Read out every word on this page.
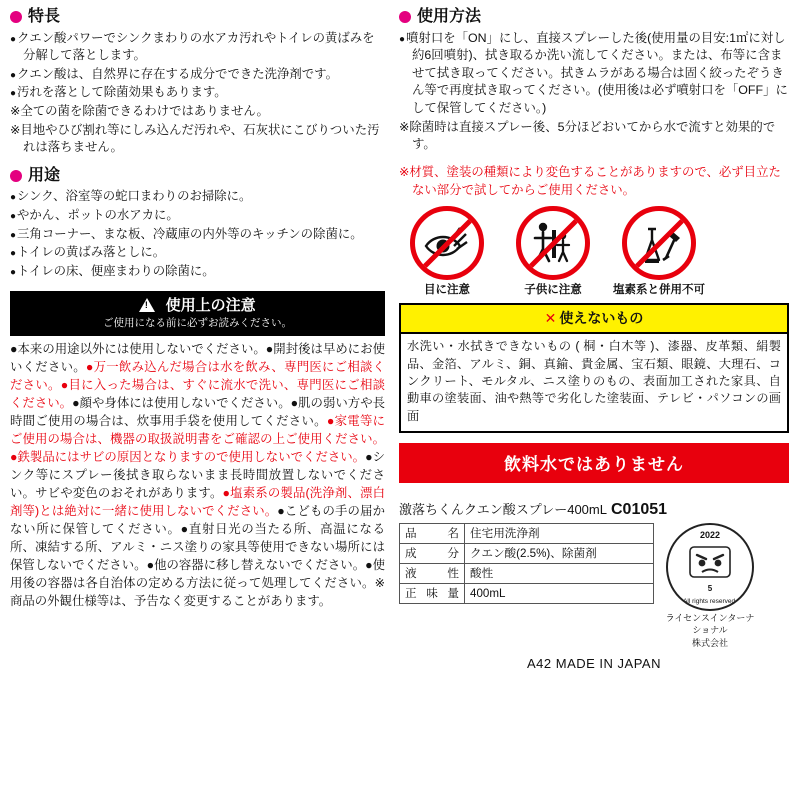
特長
● クエン酸パワーでシンクまわりの水アカ汚れやトイレの黄ばみを分解して落とします。
● クエン酸は、自然界に存在する成分でできた洗浄剤です。
● 汚れを落として除菌効果もあります。
※ 全ての菌を除菌できるわけではありません。
※ 目地やひび割れ等にしみ込んだ汚れや、石灰状にこびりついた汚れは落ちません。
用途
● シンク、浴室等の蛇口まわりのお掃除に。
● やかん、ポットの水アカに。
● 三角コーナー、まな板、冷蔵庫の内外等のキッチンの除菌に。
● トイレの黄ばみ落としに。
● トイレの床、便座まわりの除菌に。
! 使用上の注意
ご使用になる前に必ずお読みください。
●本来の用途以外には使用しないでください。●開封後は早めにお使いください。●万一飲み込んだ場合は水を飲み、専門医にご相談ください。●目に入った場合は、すぐに流水で洗い、専門医にご相談ください。●顔や身体には使用しないでください。●肌の弱い方や長時間ご使用の場合は、炊事用手袋を使用してください。●家電等にご使用の場合は、機器の取扱説明書をご確認の上ご使用ください。●鉄製品にはサビの原因となりますので使用しないでください。●シンク等にスプレー後拭き取らないまま長時間放置しないでください。サビや変色のおそれがあります。●塩素系の製品(洗浄剤、漂白剤等)とは絶対に一緒に使用しないでください。●こどもの手の届かない所に保管してください。●直射日光の当たる所、高温になる所、凍結する所、アルミ・ニス塗りの家具等使用できない場所には保管しないでください。●他の容器に移し替えないでください。●使用後の容器は各自治体の定める方法に従って処理してください。※商品の外観仕様等は、予告なく変更することがあります。
使用方法
● 噴射口を「ON」にし、直接スプレーした後(使用量の目安:1㎡に対し約6回噴射)、拭き取るか洗い流してください。または、布等に含ませて拭き取ってください。拭きムラがある場合は固く絞ったぞうきん等で再度拭き取ってください。(使用後は必ず噴射口を「OFF」にして保管してください。)
※ 除菌時は直接スプレー後、5分ほどおいてから水で流すと効果的です。
※材質、塗装の種類により変色することがありますので、必ず目立たない部分で試してからご使用ください。
目に注意	子供に注意	塩素系と併用不可
✕ 使えないもの
水洗い・水拭きできないもの ( 桐・白木等 )、漆器、皮革類、絹製品、金箔、アルミ、銅、真鍮、貴金属、宝石類、眼鏡、大理石、コンクリート、モルタル、ニス塗りのもの、表面加工された家具、自動車の塗装面、油や熱等で劣化した塗装面、テレビ・パソコンの画面
飲料水ではありません
激落ちくんクエン酸スプレー400mL C01051
品 名	住宅用洗浄剤
成 分	クエン酸(2.5%)、除菌剤
液 性	酸性
正味量	400mL
2022
5
All rights reserved.
ライセンスインターナショナル
株式会社
A42 MADE IN JAPAN
